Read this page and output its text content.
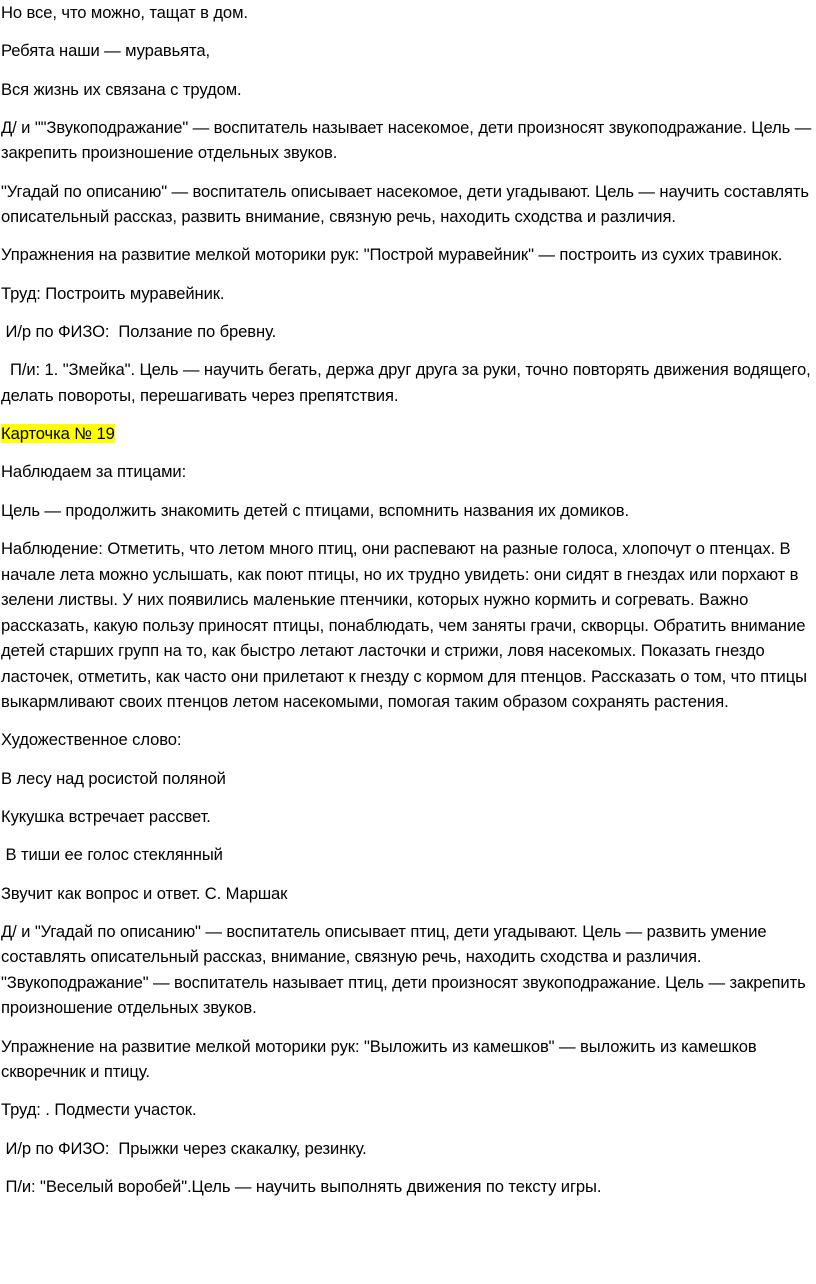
Но все, что можно, тащат в дом.
Ребята наши — муравьята,
Вся жизнь их связана с трудом.
Д/ и ""Звукоподражание" — воспитатель называет насекомое, дети произносят звукоподражание. Цель — закрепить произношение отдельных звуков.
"Угадай по описанию" — воспитатель описывает насекомое, дети угадывают. Цель — научить составлять описательный рассказ, развить внимание, связную речь, находить сходства и различия.
Упражнения на развитие мелкой моторики рук: "Построй муравейник" — построить из сухих травинок.
Труд: Построить муравейник.
И/р по ФИЗО:  Ползание по бревну.
П/и: 1. "Змейка". Цель — научить бегать, держа друг друга за руки, точно повторять движения водящего, делать повороты, перешагивать через препятствия.
Карточка № 19
Наблюдаем за птицами:
Цель — продолжить знакомить детей с птицами, вспомнить названия их домиков.
Наблюдение: Отметить, что летом много птиц, они распевают на разные голоса, хлопочут о птенцах. В начале лета можно услышать, как поют птицы, но их трудно увидеть: они сидят в гнездах или порхают в зелени листвы. У них появились маленькие птенчики, которых нужно кормить и согревать. Важно рассказать, какую пользу приносят птицы, понаблюдать, чем заняты грачи, скворцы. Обратить внимание детей старших групп на то, как быстро летают ласточки и стрижи, ловя насекомых. Показать гнездо ласточек, отметить, как часто они прилетают к гнезду с кормом для птенцов. Рассказать о том, что птицы выкармливают своих птенцов летом насекомыми, помогая таким образом сохранять растения.
Художественное слово:
В лесу над росистой поляной
Кукушка встречает рассвет.
В тиши ее голос стеклянный
Звучит как вопрос и ответ. С. Маршак
Д/ и "Угадай по описанию" — воспитатель описывает птиц, дети угадывают. Цель — развить умение составлять описательный рассказ, внимание, связную речь, находить сходства и различия. "Звукоподражание" — воспитатель называет птиц, дети произносят звукоподражание. Цель — закрепить произношение отдельных звуков.
Упражнение на развитие мелкой моторики рук: "Выложить из камешков" — выложить из камешков скворечник и птицу.
Труд: . Подмести участок.
И/р по ФИЗО:  Прыжки через скакалку, резинку.
П/и: "Веселый воробей".Цель — научить выполнять движения по тексту игры.
